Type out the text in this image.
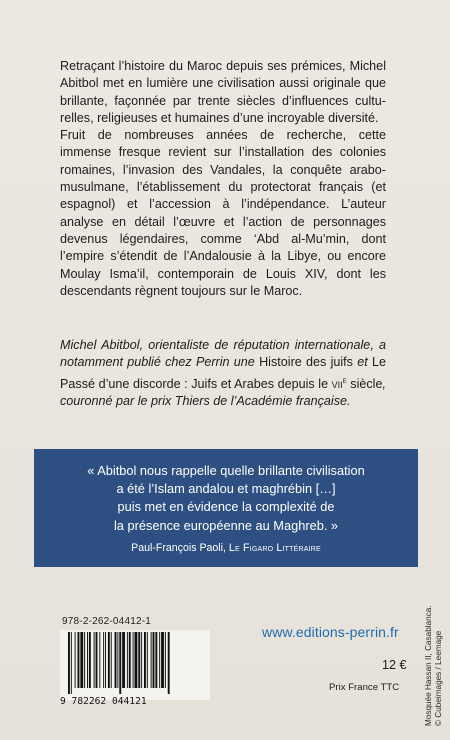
Retraçant l’histoire du Maroc depuis ses prémices, Michel Abitbol met en lumière une civilisation aussi originale que brillante, façonnée par trente siècles d’influences culturelles, religieuses et humaines d’une incroyable diversité.

Fruit de nombreuses années de recherche, cette immense fresque revient sur l’installation des colonies romaines, l’invasion des Vandales, la conquête arabo-musulmane, l’établissement du protectorat français (et espagnol) et l’accession à l’indépendance. L’auteur analyse en détail l’œuvre et l’action de personnages devenus légendaires, comme ‘Abd al-Mu’min, dont l’empire s’étendit de l’Andalousie à la Libye, ou encore Moulay Isma’il, contemporain de Louis XIV, dont les descendants règnent toujours sur le Maroc.

Michel Abitbol, orientaliste de réputation internationale, a notamment publié chez Perrin une Histoire des juifs et Le Passé d’une discorde : Juifs et Arabes depuis le vii$^e$ siècle, couronné par le prix Thiers de l’Académie française.

« Abitbol nous rappelle quelle brillante civilisation
a été l’Islam andalou et maghrébin […]
puis met en évidence la complexité de
la présence européenne au Maghreb. »

Paul-François Paoli, Le Figaro Littéraire

978-2-262-04412-1
9 782262 044121
www.editions-perrin.fr
12 €
Prix France TTC	Mosquée Hassan II, Casablanca. © Cubeimages / Leemage
